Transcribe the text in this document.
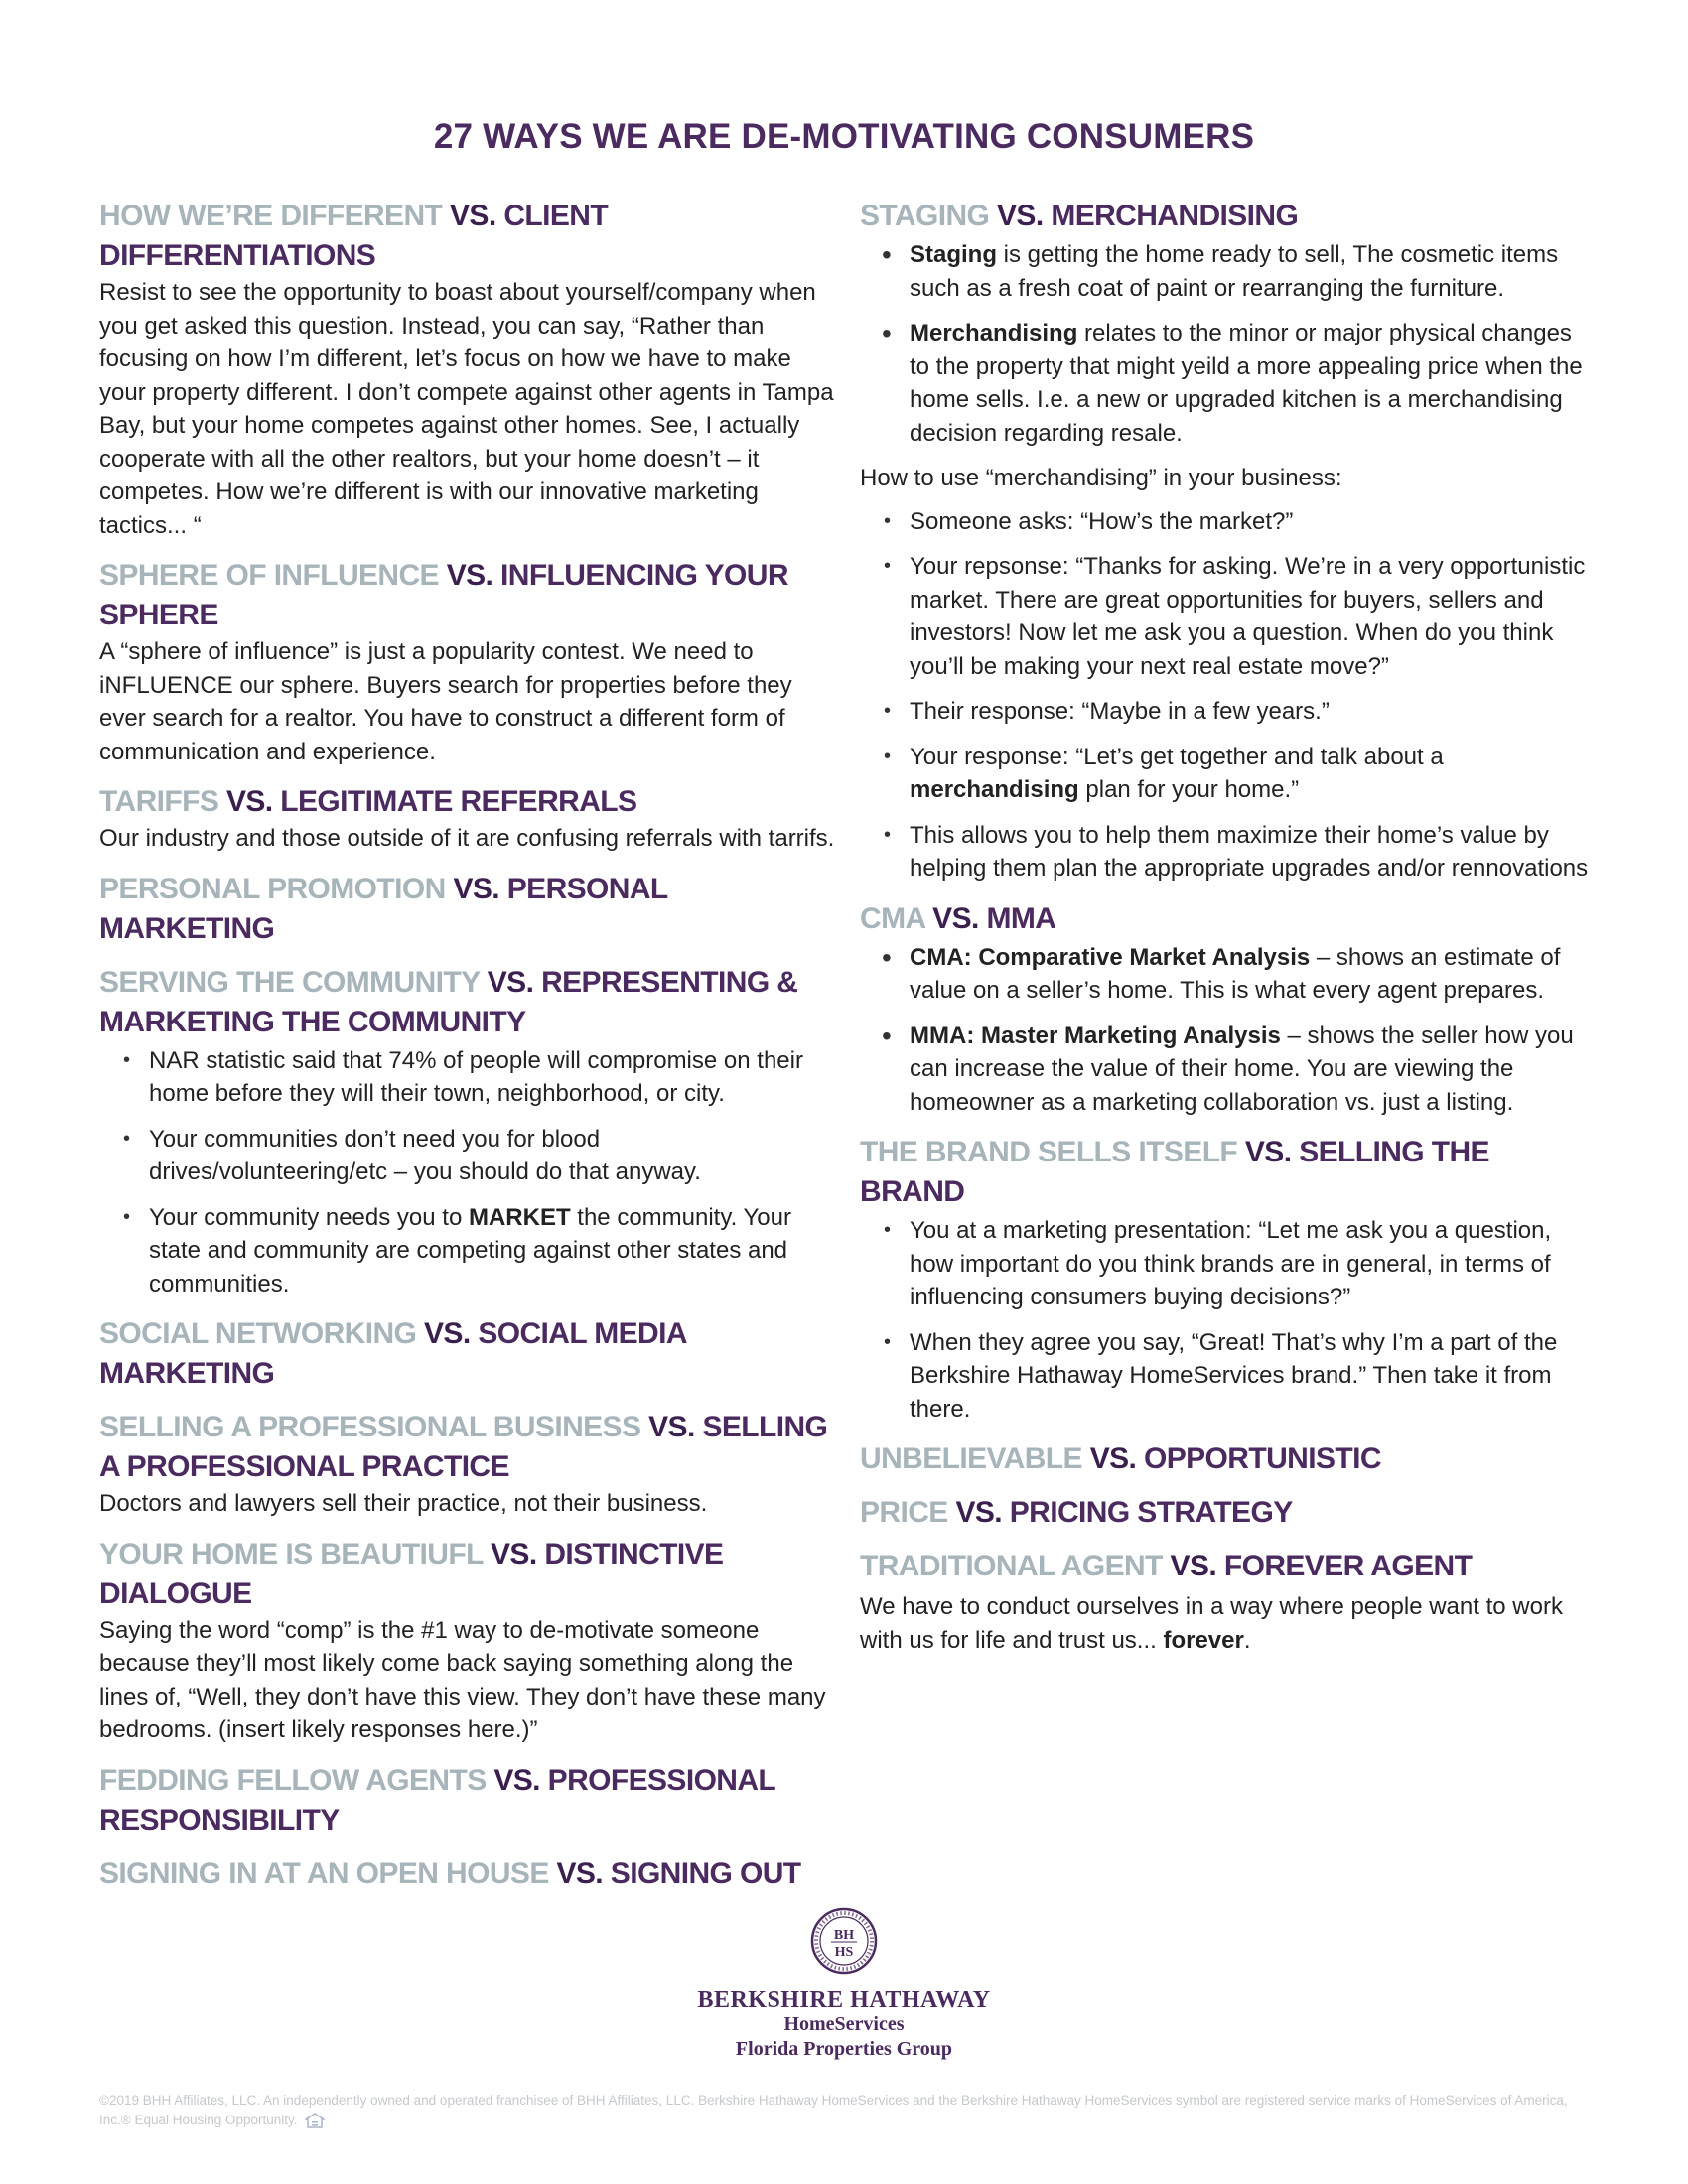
27 WAYS WE ARE DE-MOTIVATING CONSUMERS
HOW WE’RE DIFFERENT VS. CLIENT DIFFERENTIATIONS

Resist to see the opportunity to boast about yourself/company when you get asked this question. Instead, you can say, “Rather than focusing on how I’m different, let’s focus on how we have to make your property different. I don’t compete against other agents in Tampa Bay, but your home competes against other homes. See, I actually cooperate with all the other realtors, but your home doesn’t – it competes. How we’re different is with our innovative marketing tactics... “

SPHERE OF INFLUENCE VS. INFLUENCING YOUR SPHERE

A “sphere of influence” is just a popularity contest. We need to iNFLUENCE our sphere. Buyers search for properties before they ever search for a realtor. You have to construct a different form of communication and experience.

TARIFFS VS. LEGITIMATE REFERRALS

Our industry and those outside of it are confusing referrals with tarrifs.

PERSONAL PROMOTION VS. PERSONAL MARKETING
SERVING THE COMMUNITY VS. REPRESENTING & MARKETING THE COMMUNITY
• NAR statistic said that 74% of people will compromise on their home before they will their town, neighborhood, or city.
• Your communities don’t need you for blood drives/volunteering/etc – you should do that anyway.
• Your community needs you to MARKET the community. Your state and community are competing against other states and communities.
SOCIAL NETWORKING VS. SOCIAL MEDIA MARKETING
SELLING A PROFESSIONAL BUSINESS VS. SELLING A PROFESSIONAL PRACTICE

Doctors and lawyers sell their practice, not their business.

YOUR HOME IS BEAUTIUFL VS. DISTINCTIVE DIALOGUE

Saying the word “comp” is the #1 way to de-motivate someone because they’ll most likely come back saying something along the lines of, “Well, they don’t have this view. They don’t have these many bedrooms. (insert likely responses here.)”

FEDDING FELLOW AGENTS VS. PROFESSIONAL RESPONSIBILITY
SIGNING IN AT AN OPEN HOUSE VS. SIGNING OUT
STAGING VS. MERCHANDISING
• Staging is getting the home ready to sell, The cosmetic items such as a fresh coat of paint or rearranging the furniture.
• Merchandising relates to the minor or major physical changes to the property that might yeild a more appealing price when the home sells. I.e. a new or upgraded kitchen is a merchandising decision regarding resale.

How to use “merchandising” in your business:

• Someone asks: “How’s the market?”
• Your repsonse: “Thanks for asking. We’re in a very opportunistic market. There are great opportunities for buyers, sellers and investors! Now let me ask you a question. When do you think you’ll be making your next real estate move?”
• Their response: “Maybe in a few years.”
• Your response: “Let’s get together and talk about a merchandising plan for your home.”
• This allows you to help them maximize their home’s value by helping them plan the appropriate upgrades and/or rennovations
CMA VS. MMA
• CMA: Comparative Market Analysis – shows an estimate of value on a seller’s home. This is what every agent prepares.
• MMA: Master Marketing Analysis – shows the seller how you can increase the value of their home. You are viewing the homeowner as a marketing collaboration vs. just a listing.
THE BRAND SELLS ITSELF VS. SELLING THE BRAND
• You at a marketing presentation: “Let me ask you a question, how important do you think brands are in general, in terms of influencing consumers buying decisions?”
• When they agree you say, “Great! That’s why I’m a part of the Berkshire Hathaway HomeServices brand.” Then take it from there.
UNBELIEVABLE VS. OPPORTUNISTIC
PRICE VS. PRICING STRATEGY
TRADITIONAL AGENT VS. FOREVER AGENT

We have to conduct ourselves in a way where people want to work with us for life and trust us... forever.

BH
HS
BERKSHIRE HATHAWAY
HomeServices
Florida Properties Group
©2019 BHH Affiliates, LLC. An independently owned and operated franchisee of BHH Affiliates, LLC. Berkshire Hathaway HomeServices and the Berkshire Hathaway HomeServices symbol are registered service marks of HomeServices of America, Inc.® Equal Housing Opportunity.
